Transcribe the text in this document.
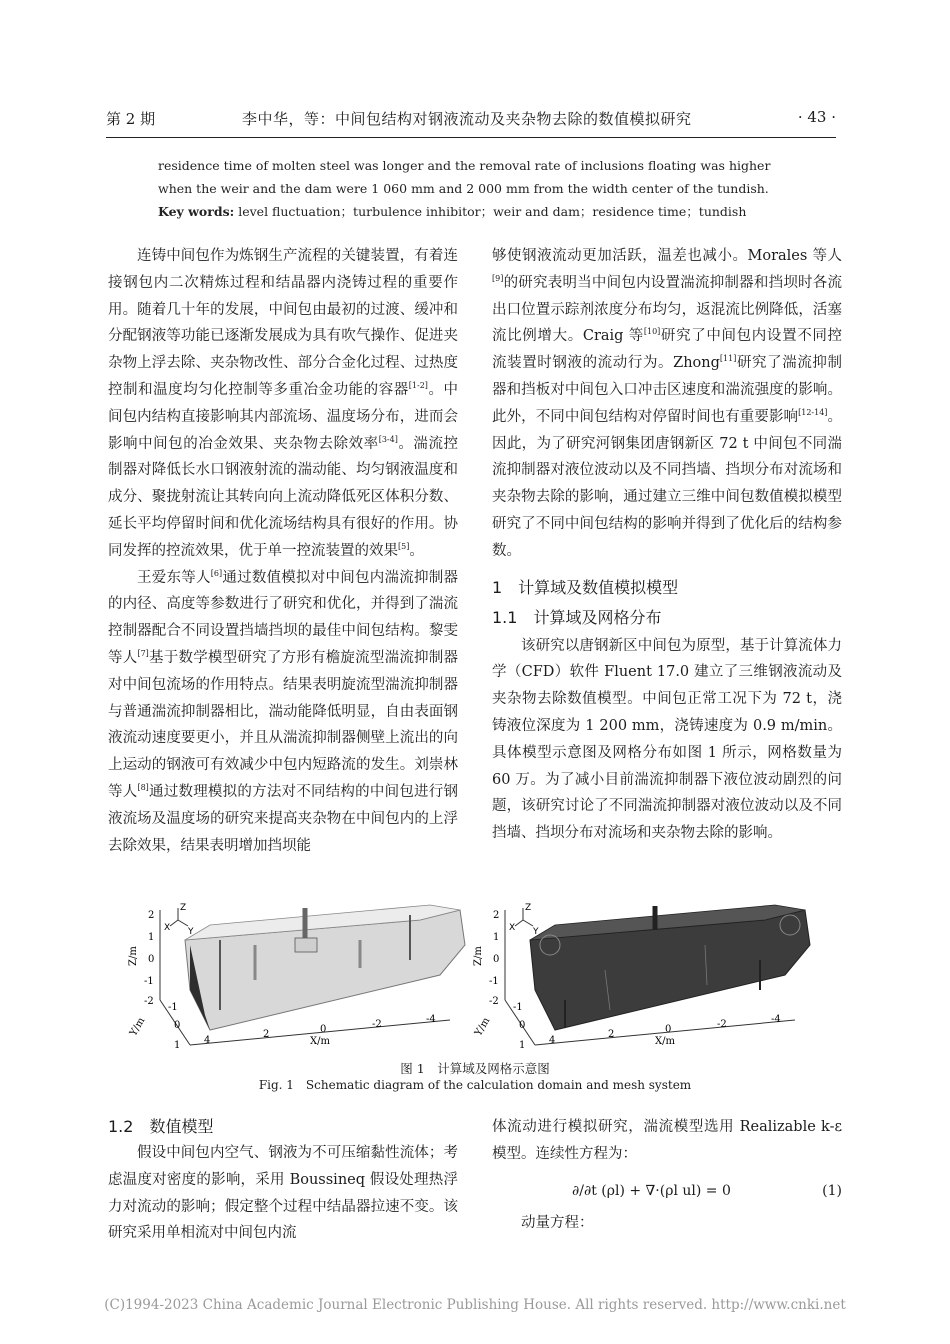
第 2 期	李中华，等：中间包结构对钢液流动及夹杂物去除的数值模拟研究	· 43 ·
residence time of molten steel was longer and the removal rate of inclusions floating was higher
when the weir and the dam were 1 060 mm and 2 000 mm from the width center of the tundish.
Key words: level fluctuation；turbulence inhibitor；weir and dam；residence time；tundish

连铸中间包作为炼钢生产流程的关键装置，有着连接钢包内二次精炼过程和结晶器内浇铸过程的重要作用。随着几十年的发展，中间包由最初的过渡、缓冲和分配钢液等功能已逐渐发展成为具有吹气操作、促进夹杂物上浮去除、夹杂物改性、部分合金化过程、过热度控制和温度均匀化控制等多重冶金功能的容器[1-2]。中间包内结构直接影响其内部流场、温度场分布，进而会影响中间包的冶金效果、夹杂物去除效率[3-4]。湍流控制器对降低长水口钢液射流的湍动能、均匀钢液温度和成分、聚拢射流让其转向向上流动降低死区体积分数、延长平均停留时间和优化流场结构具有很好的作用。协同发挥的控流效果，优于单一控流装置的效果[5]。

王爱东等人[6]通过数值模拟对中间包内湍流抑制器的内径、高度等参数进行了研究和优化，并得到了湍流控制器配合不同设置挡墙挡坝的最佳中间包结构。黎雯等人[7]基于数学模型研究了方形有檐旋流型湍流抑制器对中间包流场的作用特点。结果表明旋流型湍流抑制器与普通湍流抑制器相比，湍动能降低明显，自由表面钢液流动速度要更小，并且从湍流抑制器侧壁上流出的向上运动的钢液可有效减少中包内短路流的发生。刘崇林等人[8]通过数理模拟的方法对不同结构的中间包进行钢液流场及温度场的研究来提高夹杂物在中间包内的上浮去除效果，结果表明增加挡坝能

够使钢液流动更加活跃，温差也减小。Morales 等人[9]的研究表明当中间包内设置湍流抑制器和挡坝时各流出口位置示踪剂浓度分布均匀，返混流比例降低，活塞流比例增大。Craig 等[10]研究了中间包内设置不同控流装置时钢液的流动行为。Zhong[11]研究了湍流抑制器和挡板对中间包入口冲击区速度和湍流强度的影响。此外，不同中间包结构对停留时间也有重要影响[12-14]。因此，为了研究河钢集团唐钢新区 72 t 中间包不同湍流抑制器对液位波动以及不同挡墙、挡坝分布对流场和夹杂物去除的影响，通过建立三维中间包数值模拟模型研究了不同中间包结构的影响并得到了优化后的结构参数。

1　计算域及数值模拟模型
1.1　计算域及网格分布

该研究以唐钢新区中间包为原型，基于计算流体力学（CFD）软件 Fluent 17.0 建立了三维钢液流动及夹杂物去除数值模型。中间包正常工况下为 72 t，浇铸液位深度为 1 200 mm，浇铸速度为 0.9 m/min。具体模型示意图及网格分布如图 1 所示，网格数量为 60 万。为了减小目前湍流抑制器下液位波动剧烈的问题，该研究讨论了不同湍流抑制器对液位波动以及不同挡墙、挡坝分布对流场和夹杂物去除的影响。

Z
X Y
2
1
0
-1
-2
Z/m
-1
0
1
Y/m
4
2	0	-2	-4
X/m
Z
X Y
2
1
0
-1
-2
Z/m
-1
0
1
Y/m
4
2	0	-2	-4
X/m
图 1　计算域及网格示意图
Fig. 1　Schematic diagram of the calculation domain and mesh system
1.2　数值模型

假设中间包内空气、钢液为不可压缩黏性流体；考虑温度对密度的影响，采用 Boussineq 假设处理热浮力对流动的影响；假定整个过程中结晶器拉速不变。该研究采用单相流对中间包内流

体流动进行模拟研究，湍流模型选用 Realizable k-ε 模型。连续性方程为：

∂/∂t (ρl) + ∇·(ρl ul) = 0	(1)

动量方程：

(C)1994-2023 China Academic Journal Electronic Publishing House. All rights reserved. http://www.cnki.net
